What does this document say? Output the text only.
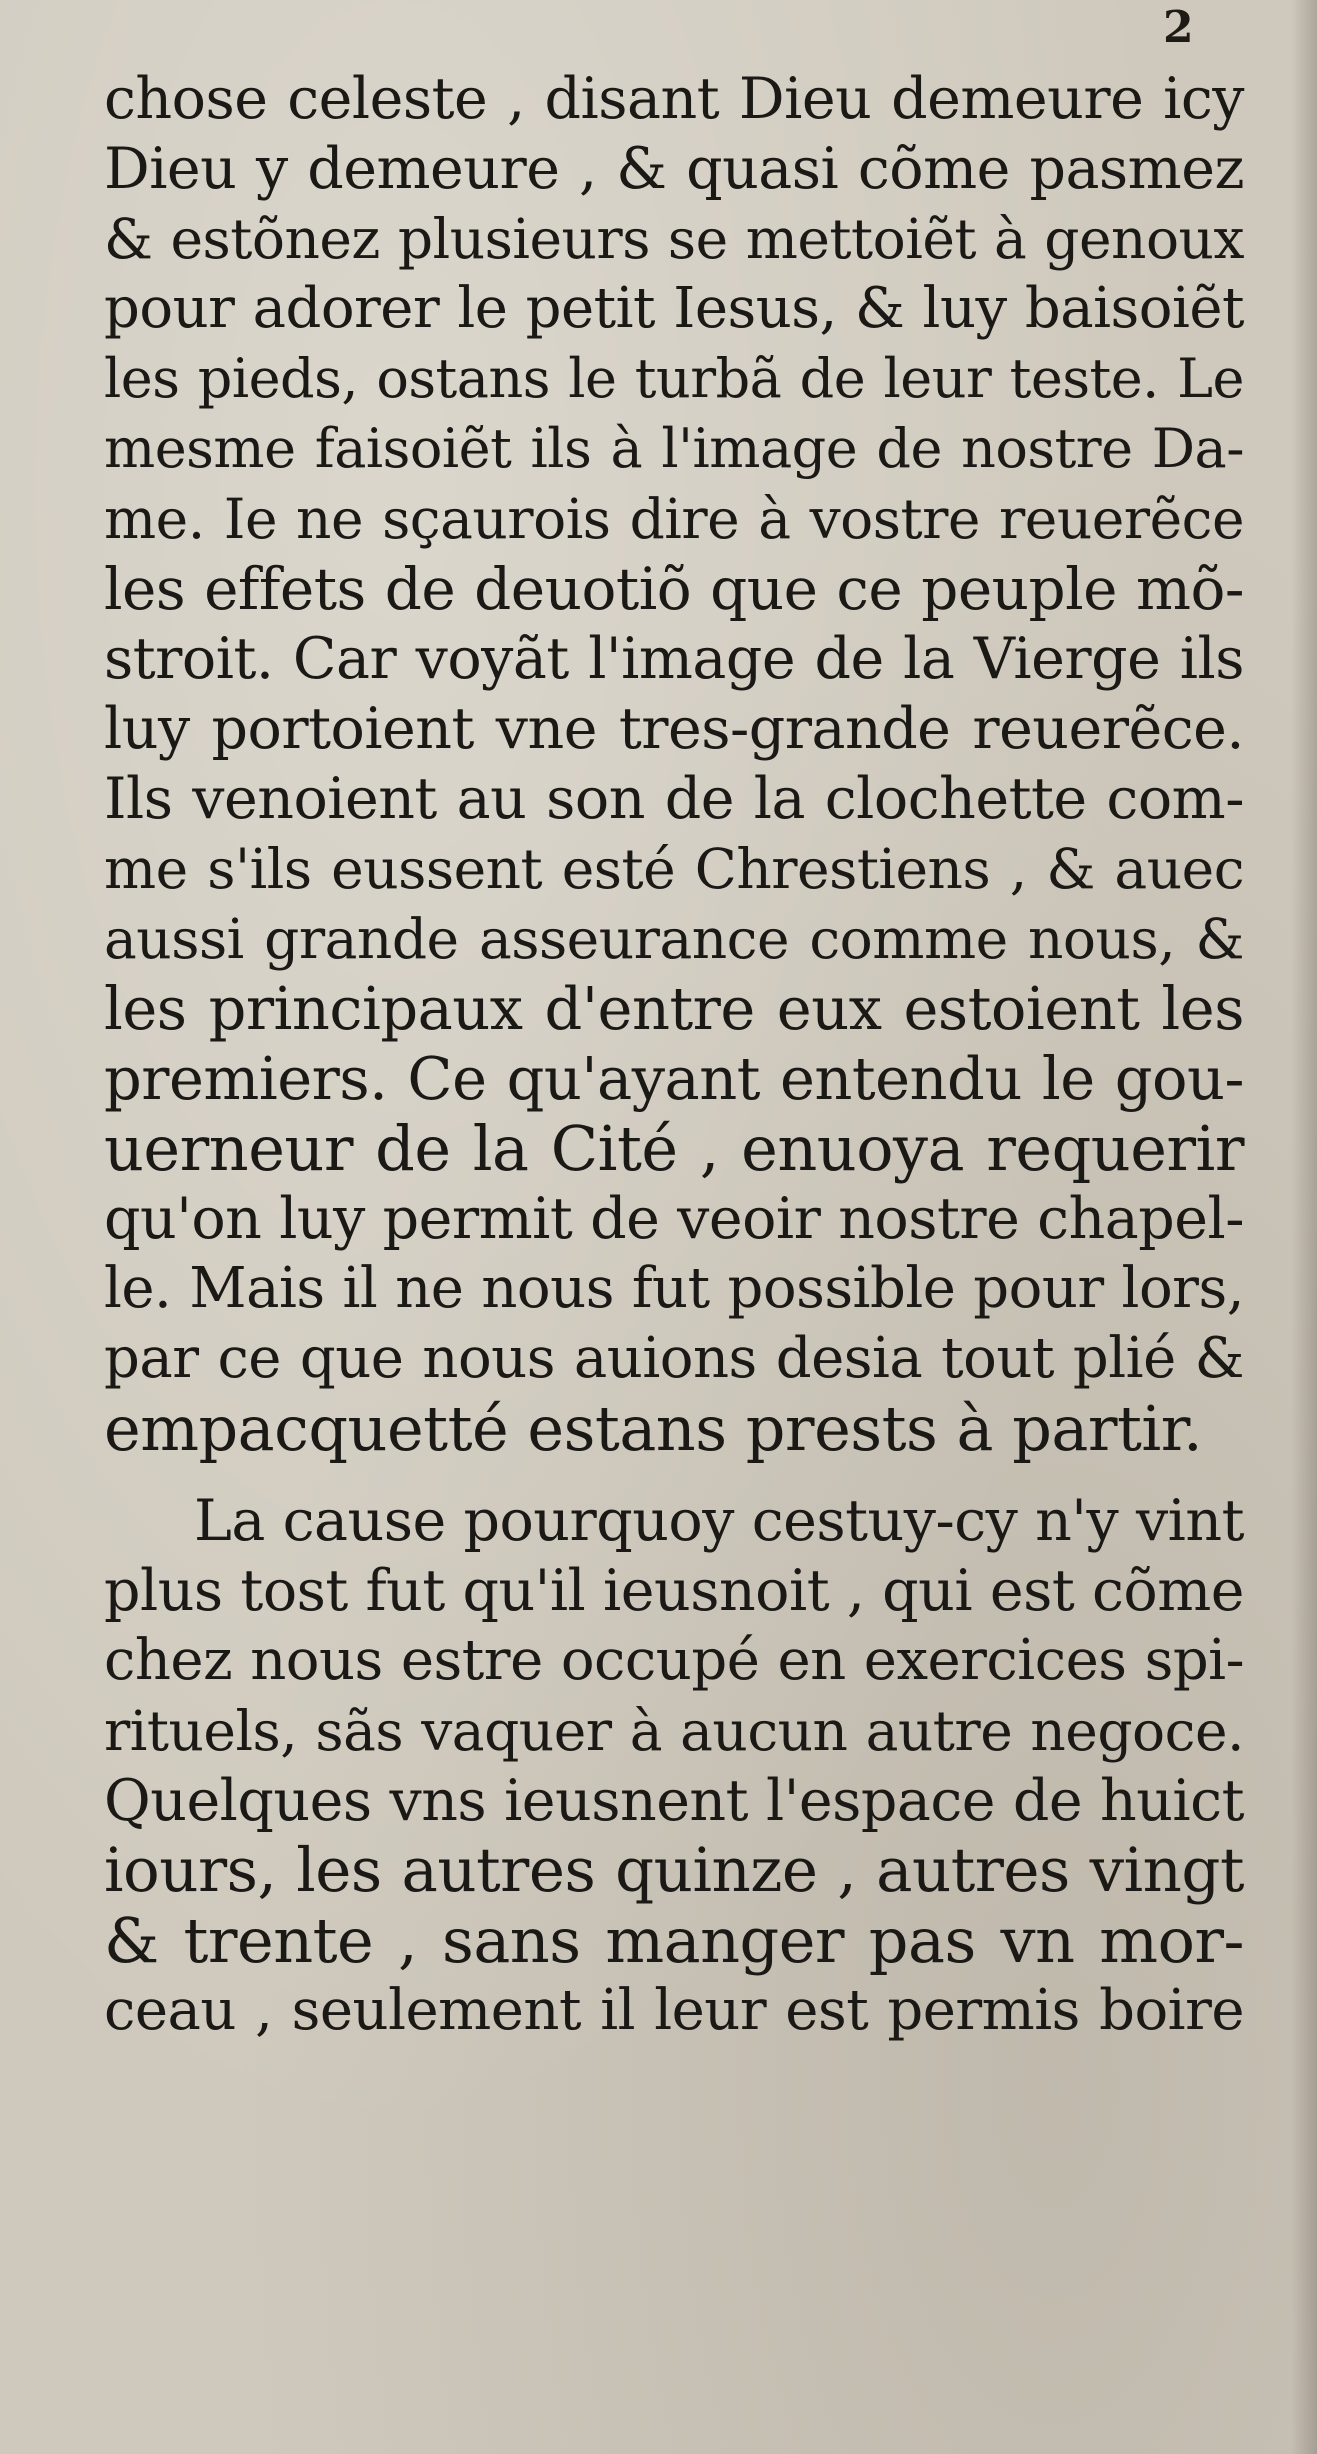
2
chose celeste , disant Dieu demeure icy
Dieu y demeure , & quasi cõme pasmez
& estõnez plusieurs se mettoiẽt à genoux
pour adorer le petit Iesus, & luy baisoiẽt
les pieds, ostans le turbã de leur teste. Le
mesme faisoiẽt ils à l'image de nostre Da-
me. Ie ne sçaurois dire à vostre reuerẽce
les effets de deuotiõ que ce peuple mõ-
stroit. Car voyãt l'image de la Vierge ils
luy portoient vne tres-grande reuerẽce.
Ils venoient au son de la clochette com-
me s'ils eussent esté Chrestiens , & auec
aussi grande asseurance comme nous, &
les principaux d'entre eux estoient les
premiers. Ce qu'ayant entendu le gou-
uerneur de la Cité , enuoya requerir
qu'on luy permit de veoir nostre chapel-
le. Mais il ne nous fut possible pour lors,
par ce que nous auions desia tout plié &
empacquetté estans prests à partir.
La cause pourquoy cestuy-cy n'y vint
plus tost fut qu'il ieusnoit , qui est cõme
chez nous estre occupé en exercices spi-
rituels, sãs vaquer à aucun autre negoce.
Quelques vns ieusnent l'espace de huict
iours, les autres quinze , autres vingt
& trente , sans manger pas vn mor-
ceau , seulement il leur est permis boire
